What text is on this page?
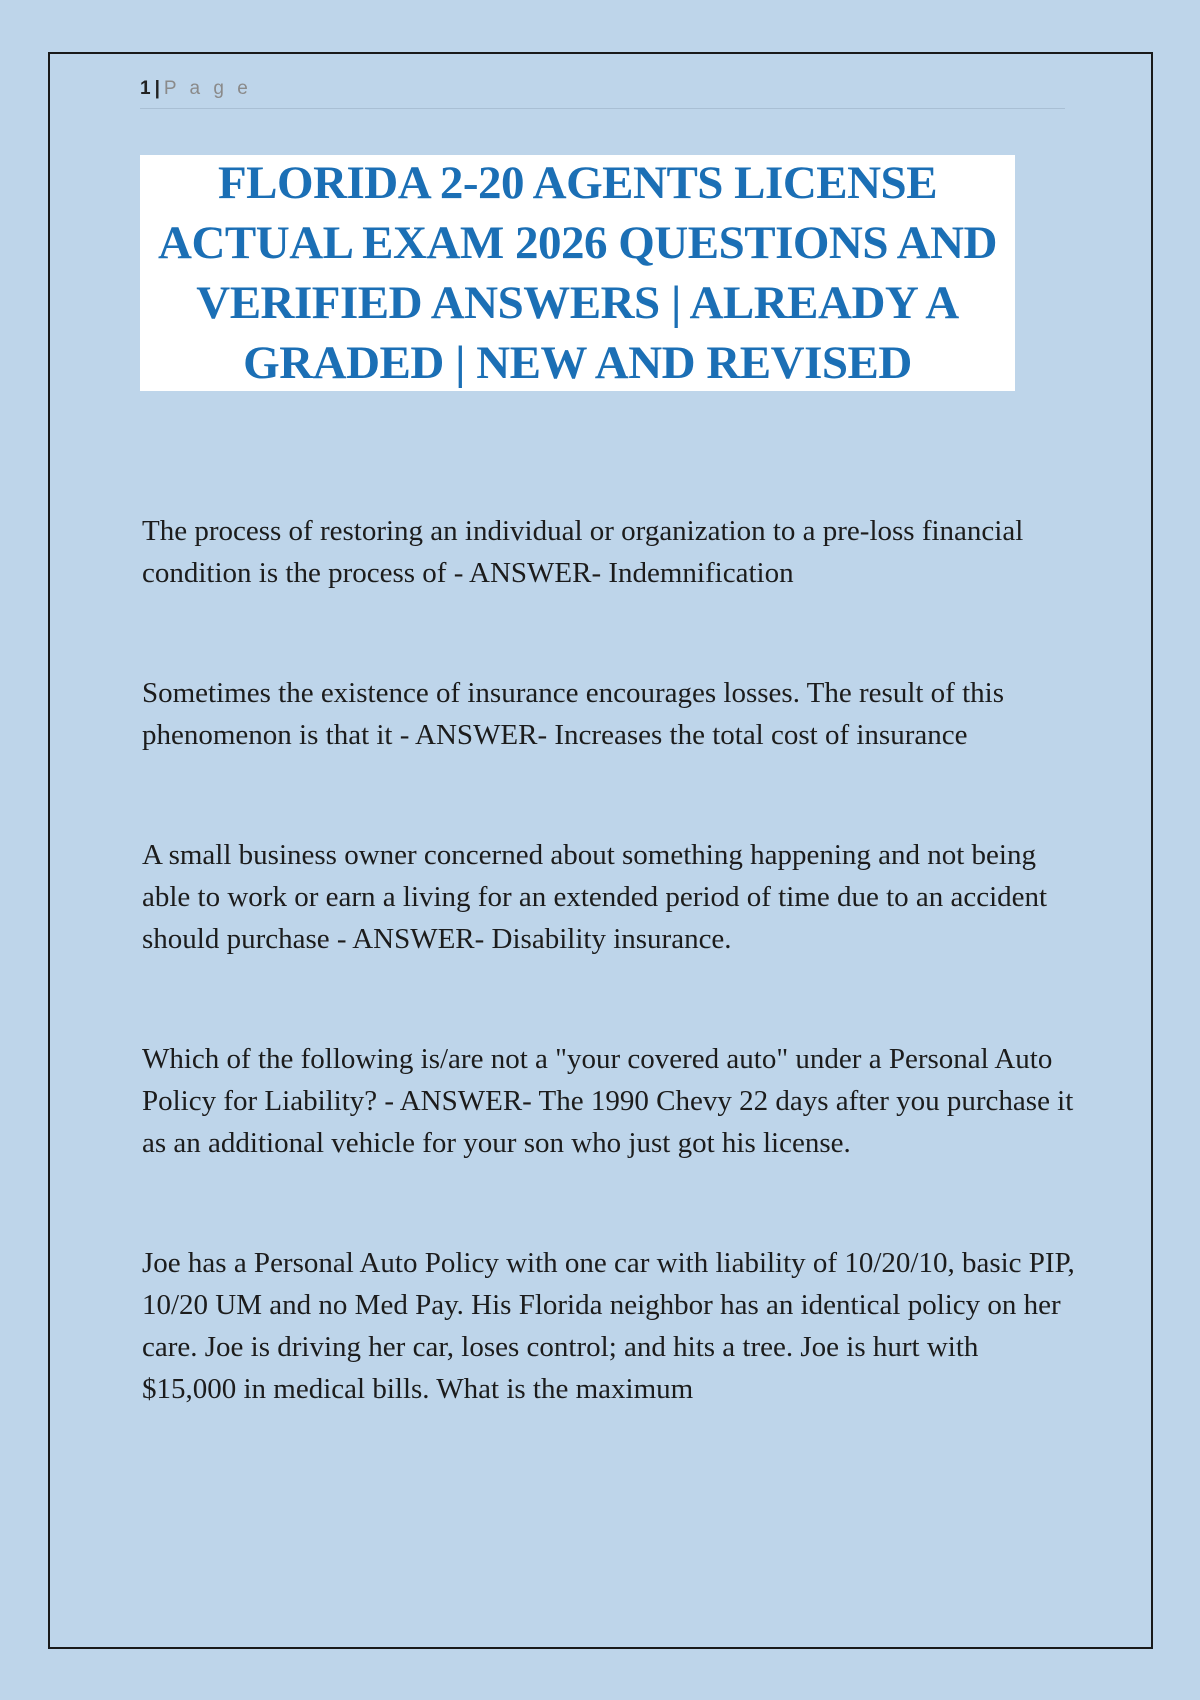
1 | P a g e
FLORIDA 2-20 AGENTS LICENSE
ACTUAL EXAM 2026 QUESTIONS AND
VERIFIED ANSWERS | ALREADY A
GRADED | NEW AND REVISED

The process of restoring an individual or organization to a pre-loss financial condition is the process of - ANSWER- Indemnification

Sometimes the existence of insurance encourages losses. The result of this phenomenon is that it - ANSWER- Increases the total cost of insurance

A small business owner concerned about something happening and not being able to work or earn a living for an extended period of time due to an accident should purchase - ANSWER- Disability insurance.

Which of the following is/are not a "your covered auto" under a Personal Auto Policy for Liability? - ANSWER- The 1990 Chevy 22 days after you purchase it as an additional vehicle for your son who just got his license.

Joe has a Personal Auto Policy with one car with liability of 10/20/10, basic PIP, 10/20 UM and no Med Pay. His Florida neighbor has an identical policy on her care. Joe is driving her car, loses control; and hits a tree. Joe is hurt with $15,000 in medical bills. What is the maximum
